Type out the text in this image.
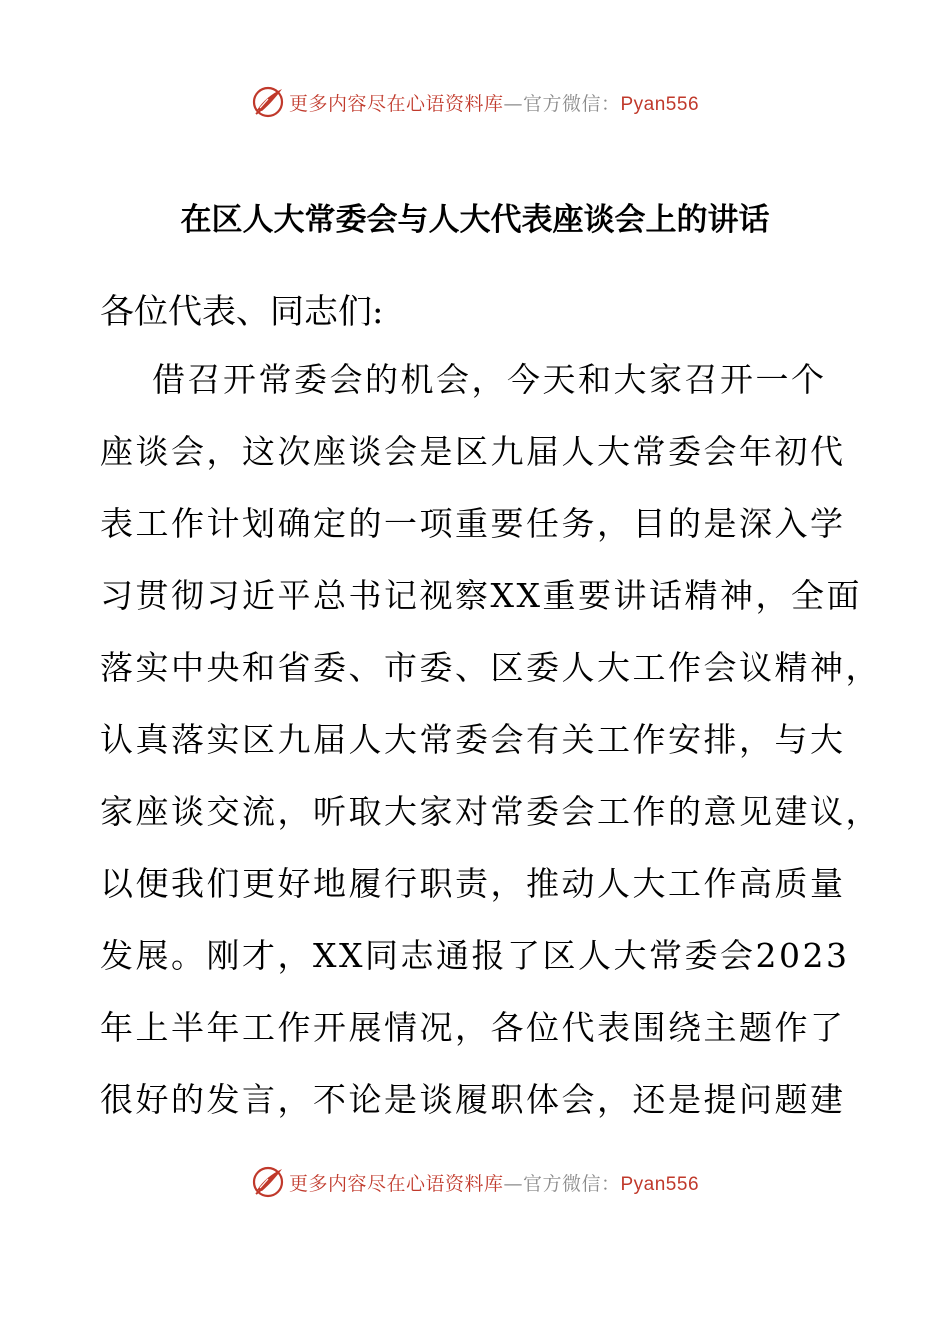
更多内容尽在心语资料库—官方微信：Pyan556
在区人大常委会与人大代表座谈会上的讲话
各位代表、同志们:
借召开常委会的机会，今天和大家召开一个
座谈会，这次座谈会是区九届人大常委会年初代
表工作计划确定的一项重要任务，目的是深入学
习贯彻习近平总书记视察XX重要讲话精神，全面
落实中央和省委、市委、区委人大工作会议精神，
认真落实区九届人大常委会有关工作安排，与大
家座谈交流，听取大家对常委会工作的意见建议，
以便我们更好地履行职责，推动人大工作高质量
发展。刚才，XX同志通报了区人大常委会2023
年上半年工作开展情况，各位代表围绕主题作了
很好的发言，不论是谈履职体会，还是提问题建
更多内容尽在心语资料库—官方微信：Pyan556
